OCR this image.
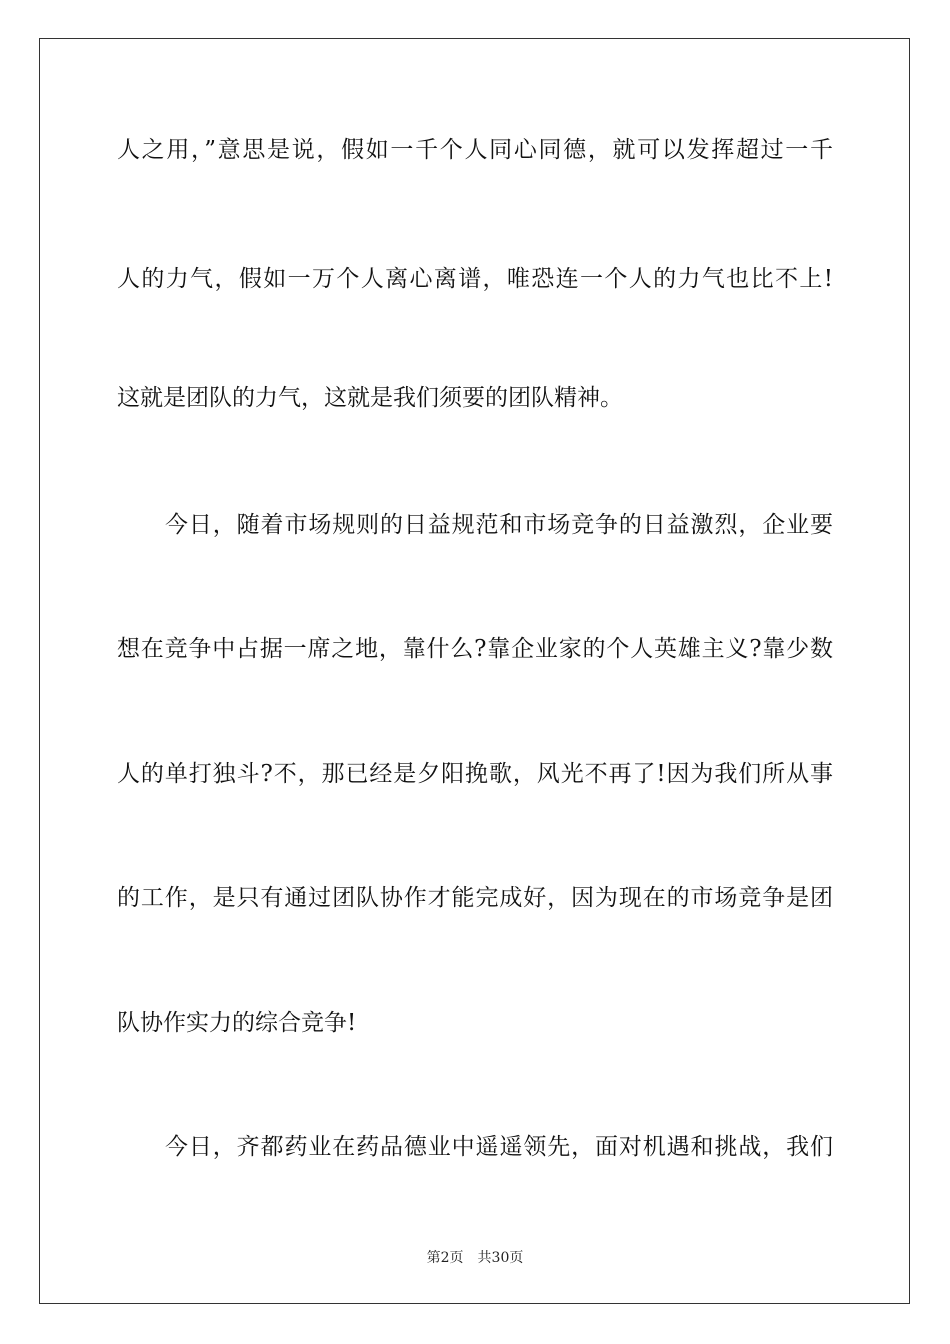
人之用，”意思是说，假如一千个人同心同德，就可以发挥超过一千
人的力气，假如一万个人离心离谱，唯恐连一个人的力气也比不上!
这就是团队的力气，这就是我们须要的团队精神。
今日，随着市场规则的日益规范和市场竞争的日益激烈，企业要
想在竞争中占据一席之地，靠什么?靠企业家的个人英雄主义?靠少数
人的单打独斗?不，那已经是夕阳挽歌，风光不再了!因为我们所从事
的工作，是只有通过团队协作才能完成好，因为现在的市场竞争是团
队协作实力的综合竞争!
今日，齐都药业在药品德业中遥遥领先，面对机遇和挑战，我们
第2页 共30页
